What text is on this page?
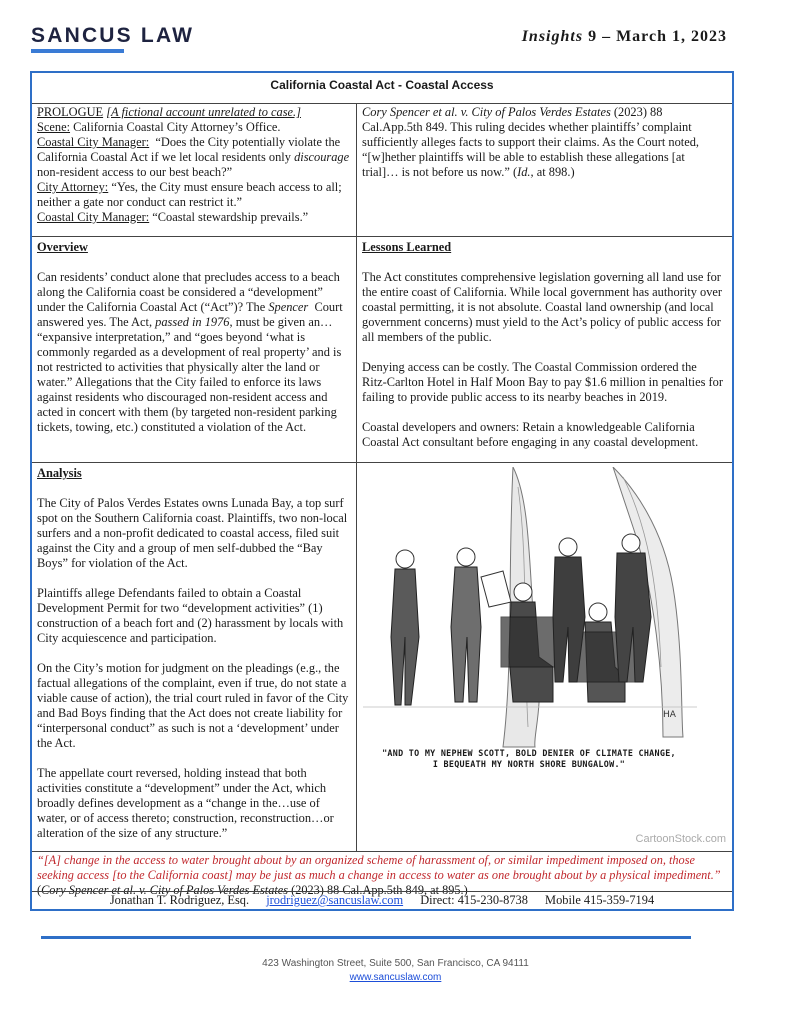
SANCUS LAW	Insights 9 – March 1, 2023
California Coastal Act - Coastal Access

PROLOGUE [A fictional account unrelated to case.]

Scene: California Coastal City Attorney’s Office.

Coastal City Manager: “Does the City potentially violate the California Coastal Act if we let local residents only discourage non-resident access to our best beach?”

City Attorney: “Yes, the City must ensure beach access to all; neither a gate nor conduct can restrict it.”

Coastal City Manager: “Coastal stewardship prevails.”

Cory Spencer et al. v. City of Palos Verdes Estates (2023) 88 Cal.App.5th 849. This ruling decides whether plaintiffs’ complaint sufficiently alleges facts to support their claims. As the Court noted, “[w]hether plaintiffs will be able to establish these allegations [at trial]… is not before us now.” (Id., at 898.)

Overview

Can residents’ conduct alone that precludes access to a beach along the California coast be considered a “development” under the California Coastal Act (“Act”)? The Spencer Court answered yes. The Act, passed in 1976, must be given an… “expansive interpretation,” and “goes beyond ‘what is commonly regarded as a development of real property’ and is not restricted to activities that physically alter the land or water.” Allegations that the City failed to enforce its laws against residents who discouraged non-resident access and acted in concert with them (by targeted non-resident parking tickets, towing, etc.) constituted a violation of the Act.

Lessons Learned

The Act constitutes comprehensive legislation governing all land use for the entire coast of California. While local government has authority over coastal permitting, it is not absolute. Coastal land ownership (and local government concerns) must yield to the Act’s policy of public access for all members of the public.

Denying access can be costly. The Coastal Commission ordered the Ritz-Carlton Hotel in Half Moon Bay to pay $1.6 million in penalties for failing to provide public access to its nearby beaches in 2019.

Coastal developers and owners: Retain a knowledgeable California Coastal Act consultant before engaging in any coastal development.

Analysis

The City of Palos Verdes Estates owns Lunada Bay, a top surf spot on the Southern California coast. Plaintiffs, two non-local surfers and a non-profit dedicated to coastal access, filed suit against the City and a group of men self-dubbed the “Bay Boys” for violation of the Act.

Plaintiffs allege Defendants failed to obtain a Coastal Development Permit for two “development activities” (1) construction of a beach fort and (2) harassment by locals with City acquiescence and participation.

On the City’s motion for judgment on the pleadings (e.g., the factual allegations of the complaint, even if true, do not state a viable cause of action), the trial court ruled in favor of the City and Bad Boys finding that the Act does not create liability for “interpersonal conduct” as such is not a ‘development’ under the Act.

The appellate court reversed, holding instead that both activities constitute a “development” under the Act, which broadly defines development as a “change in the…use of water, or of access thereto; construction, reconstruction…or alteration of the size of any structure.”

HA
"AND TO MY NEPHEW SCOTT, BOLD DENIER OF CLIMATE CHANGE,
I BEQUEATH MY NORTH SHORE BUNGALOW."
CartoonStock.com
“[A] change in the access to water brought about by an organized scheme of harassment of, or similar impediment imposed on, those seeking access [to the California coast] may be just as much a change in access to water as one brought about by a physical impediment.” (Cory Spencer et al. v. City of Palos Verdes Estates (2023) 88 Cal.App.5th 849, at 895.)
Jonathan T. Rodriguez, Esq. jrodriguez@sancuslaw.com Direct: 415-230-8738 Mobile 415-359-7194
423 Washington Street, Suite 500, San Francisco, CA 94111
www.sancuslaw.com
